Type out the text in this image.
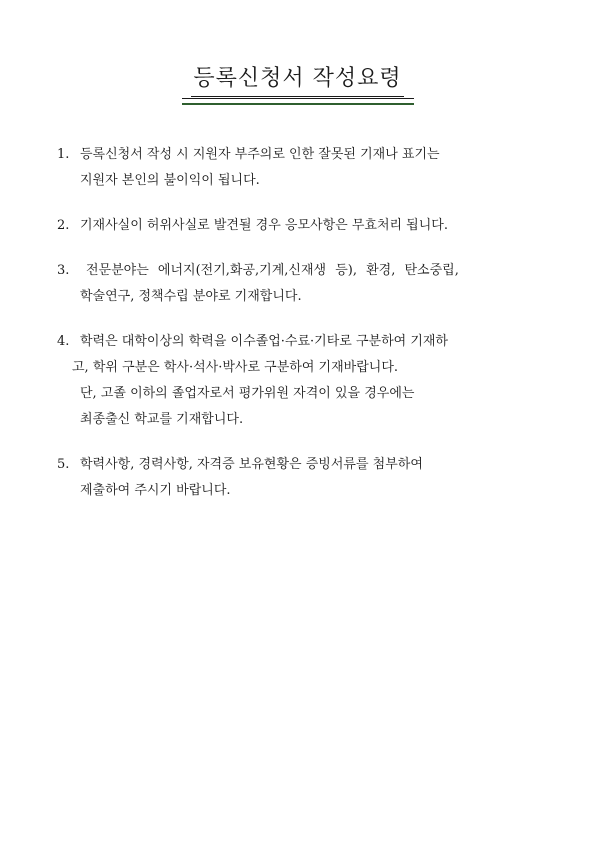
등록신청서 작성요령
1. 등록신청서 작성 시 지원자 부주의로 인한 잘못된 기재나 표기는
지원자 본인의 불이익이 됩니다.
2. 기재사실이 허위사실로 발견될 경우 응모사항은 무효처리 됩니다.
3.	전문분야는 에너지(전기,화공,기계,신재생 등), 환경, 탄소중립,
학술연구, 정책수립 분야로 기재합니다.
4. 학력은 대학이상의 학력을 이수졸업·수료·기타로 구분하여 기재하
고, 학위 구분은 학사·석사·박사로 구분하여 기재바랍니다.
단, 고졸 이하의 졸업자로서 평가위원 자격이 있을 경우에는
최종출신 학교를 기재합니다.
5. 학력사항, 경력사항, 자격증 보유현황은 증빙서류를 첨부하여
제출하여 주시기 바랍니다.
